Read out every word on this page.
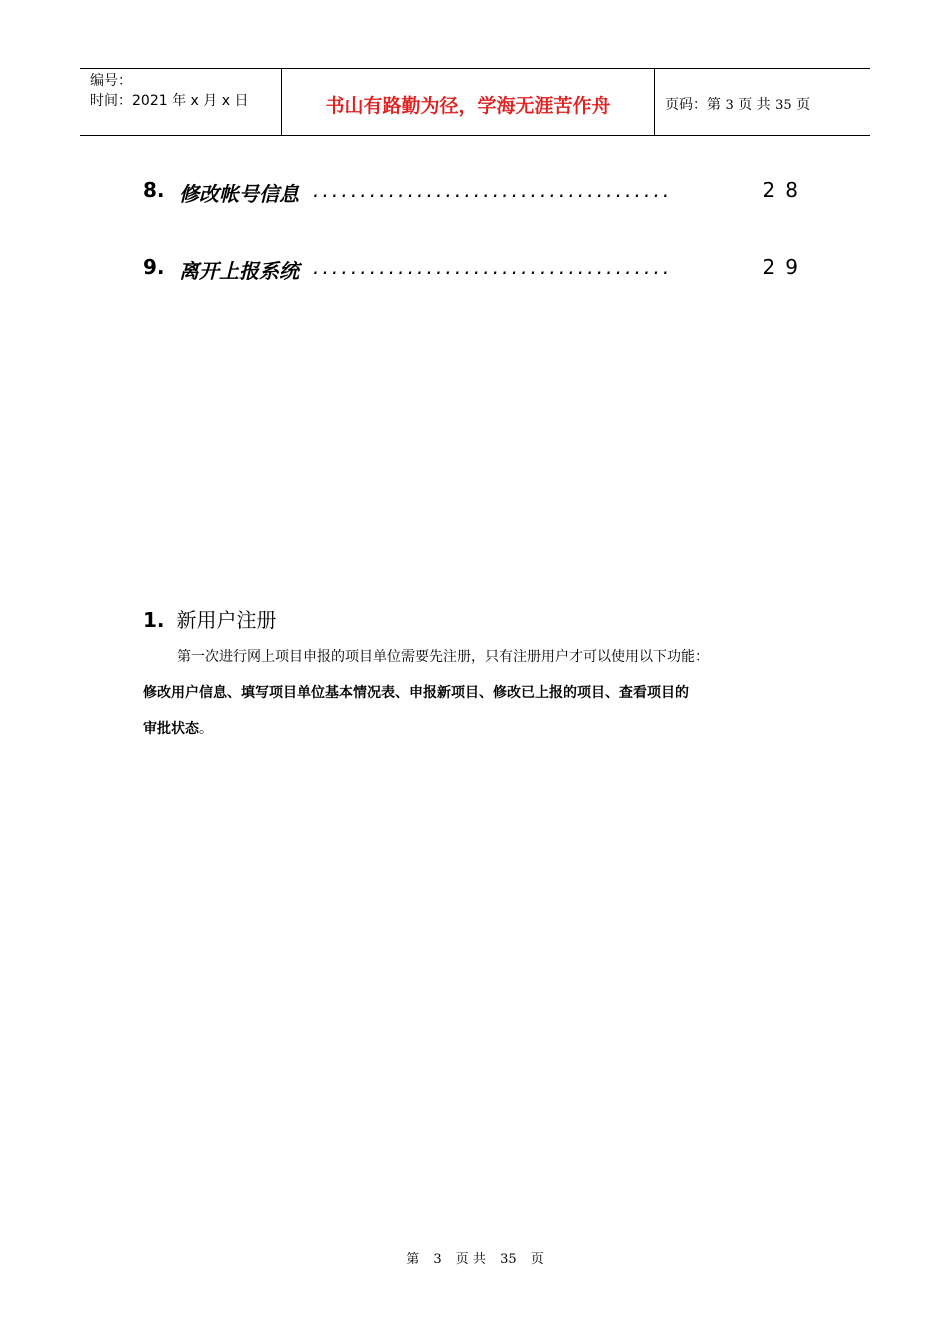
编号：
时间：2021 年 x 月 x 日	书山有路勤为径，学海无涯苦作舟	页码：第 3 页 共 35 页
8. 修改帐号信息 ......................................	28
9. 离开上报系统 ......................................	29
1. 新用户注册
第一次进行网上项目申报的项目单位需要先注册，只有注册用户才可以使用以下功能：
修改用户信息、填写项目单位基本情况表、申报新项目、修改已上报的项目、查看项目的
审批状态。
第 3 页 共 35 页
